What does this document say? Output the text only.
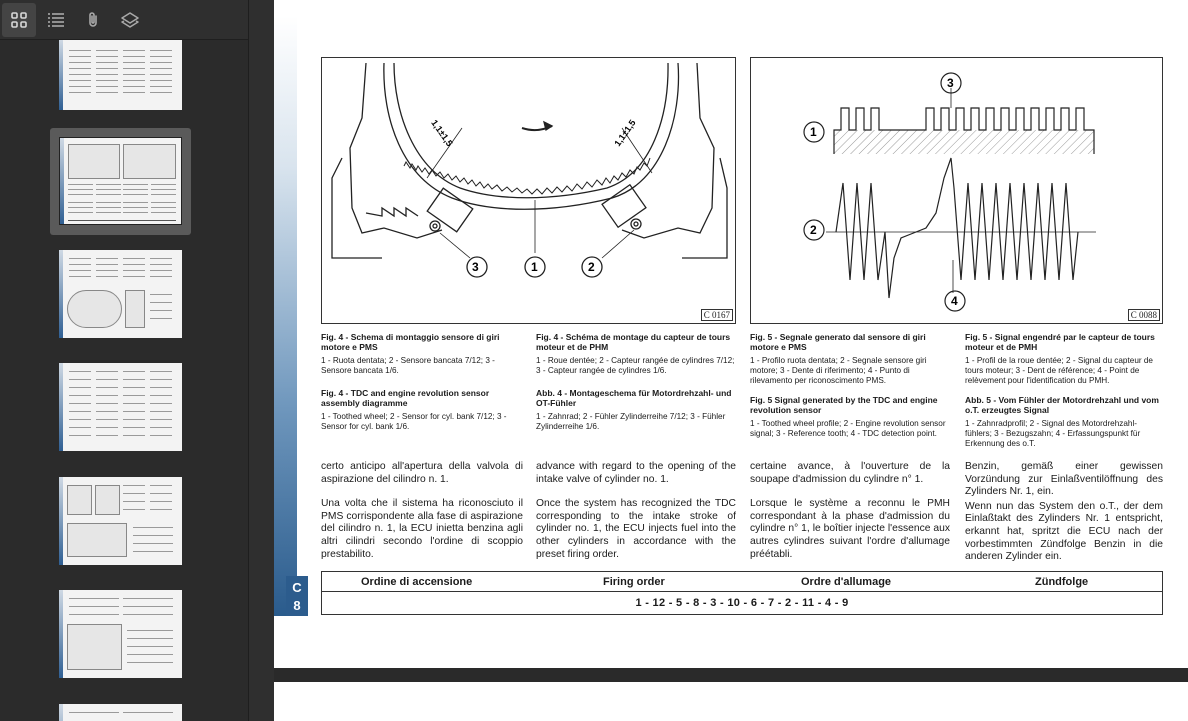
C
8
1,1±1,5	1,1±1,5
3	1	2
C 0167
3
1
2
4
C 0088
Fig. 4 - Schema di montaggio sensore di giri motore e PMS
1 - Ruota dentata; 2 - Sensore bancata 7/12; 3 - Sensore bancata 1/6.
Fig. 4 - TDC and engine revolution sensor assembly diagramme
1 - Toothed wheel; 2 - Sensor for cyl. bank 7/12; 3 - Sensor for cyl. bank 1/6.
Fig. 4 - Schéma de montage du capteur de tours moteur et de PHM
1 - Roue dentée; 2 - Capteur rangée de cylindres 7/12; 3 - Capteur rangée de cylindres 1/6.
Abb. 4 - Montageschema für Motordrehzahl- und OT-Fühler
1 - Zahnrad; 2 - Fühler Zylinderreihe 7/12; 3 - Fühler Zylinderreihe 1/6.
Fig. 5 - Segnale generato dal sensore di giri motore e PMS
1 - Profilo ruota dentata; 2 - Segnale sensore giri motore; 3 - Dente di riferimento; 4 - Punto di rilevamento per riconoscimento PMS.
Fig. 5 Signal generated by the TDC and engine revolution sensor
1 - Toothed wheel profile; 2 - Engine revolution sensor signal; 3 - Reference tooth; 4 - TDC detection point.
Fig. 5 - Signal engendré par le capteur de tours moteur et de PMH
1 - Profil de la roue dentée; 2 - Signal du capteur de tours moteur; 3 - Dent de référence; 4 - Point de relèvement pour l'identification du PMH.
Abb. 5 - Vom Fühler der Motordrehzahl und vom o.T. erzeugtes Signal
1 - Zahnradprofil; 2 - Signal des Motordrehzahl-fühlers; 3 - Bezugszahn; 4 - Erfassungspunkt für Erkennung des o.T.

certo anticipo all'apertura della valvola di aspirazione del cilindro n. 1.

Una volta che il sistema ha riconosciuto il PMS corrispondente alla fase di aspirazione del cilindro n. 1, la ECU inietta benzina agli altri cilindri secondo l'ordine di scoppio prestabilito.

advance with regard to the opening of the intake valve of cylinder no. 1.

Once the system has recognized the TDC corresponding to the intake stroke of cylinder no. 1, the ECU injects fuel into the other cylinders in accordance with the preset firing order.

certaine avance, à l'ouverture de la soupape d'admission du cylindre n° 1.

Lorsque le système a reconnu le PMH correspondant à la phase d'admission du cylindre n° 1, le boîtier injecte l'essence aux autres cylindres suivant l'ordre d'allumage préétabli.

Benzin, gemäß einer gewissen Vorzündung zur Einlaßventilöffnung des Zylinders Nr. 1, ein.

Wenn nun das System den o.T., der dem Einlaßtakt des Zylinders Nr. 1 entspricht, erkannt hat, spritzt die ECU nach der vorbestimmten Zündfolge Benzin in die anderen Zylinder ein.

Ordine di accensione	Firing order	Ordre d'allumage	Zündfolge
1 - 12 - 5 - 8 - 3 - 10 - 6 - 7 - 2 - 11 - 4 - 9
